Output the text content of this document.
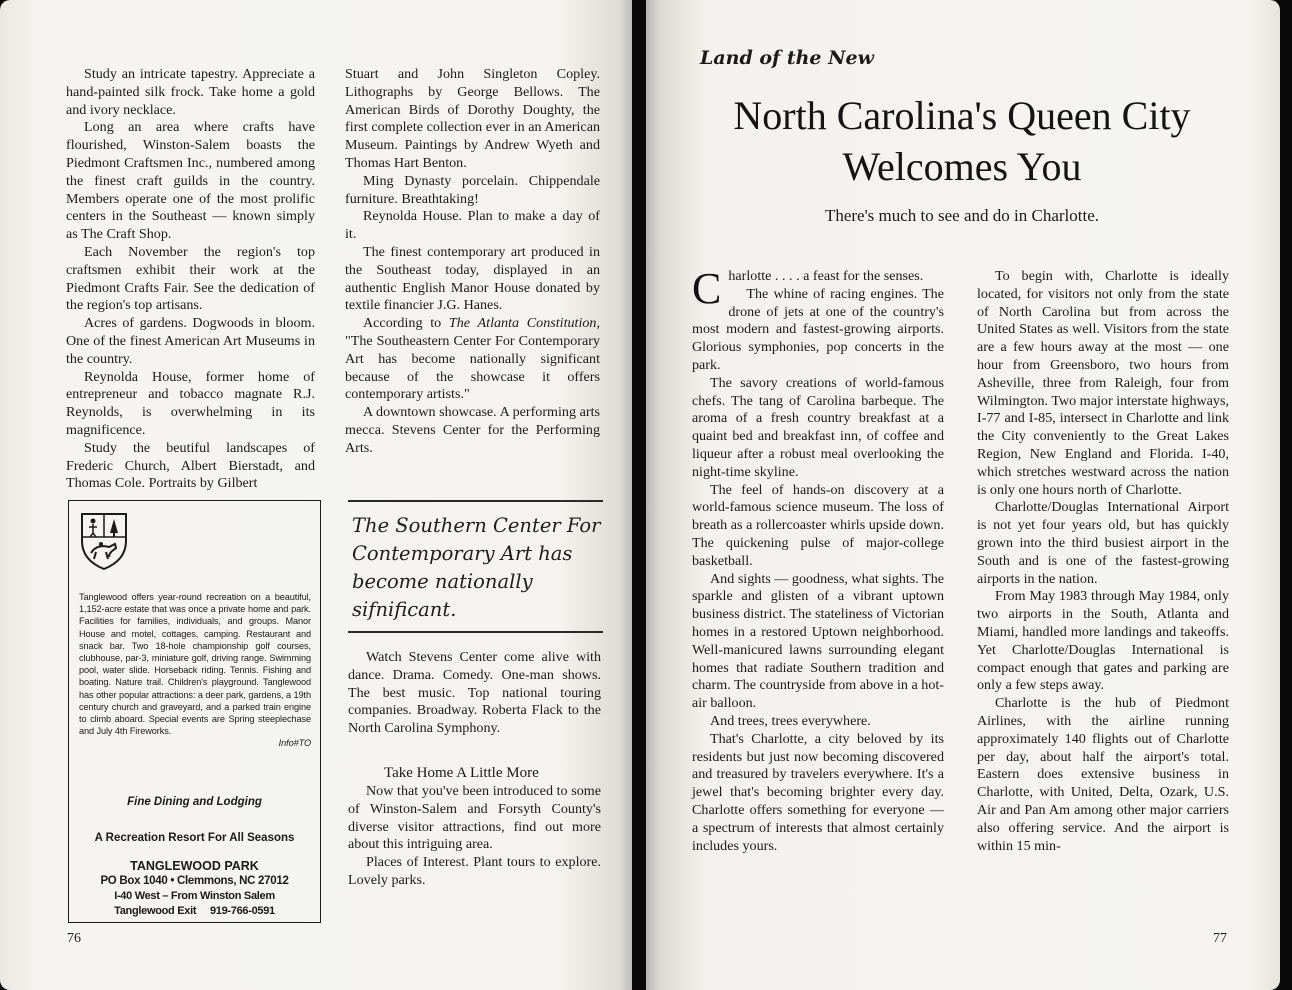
Study an intricate tapestry. Appreciate a hand-painted silk frock. Take home a gold and ivory necklace.

Long an area where crafts have flourished, Winston-Salem boasts the Piedmont Craftsmen Inc., numbered among the finest craft guilds in the country. Members operate one of the most prolific centers in the Southeast — known simply as The Craft Shop.

Each November the region's top craftsmen exhibit their work at the Piedmont Crafts Fair. See the dedication of the region's top artisans.

Acres of gardens. Dogwoods in bloom. One of the finest American Art Museums in the country.

Reynolda House, former home of entrepreneur and tobacco magnate R.J. Reynolds, is overwhelming in its magnificence.

Study the beutiful landscapes of Frederic Church, Albert Bierstadt, and Thomas Cole. Portraits by Gilbert

Stuart and John Singleton Copley. Lithographs by George Bellows. The American Birds of Dorothy Doughty, the first complete collection ever in an American Museum. Paintings by Andrew Wyeth and Thomas Hart Benton.

Ming Dynasty porcelain. Chippendale furniture. Breathtaking!

Reynolda House. Plan to make a day of it.

The finest contemporary art produced in the Southeast today, displayed in an authentic English Manor House donated by textile financier J.G. Hanes.

According to The Atlanta Constitution, "The Southeastern Center For Contemporary Art has become nationally significant because of the showcase it offers contemporary artists."

A downtown showcase. A performing arts mecca. Stevens Center for the Performing Arts.

The Southern Center For Contemporary Art has become nationally sifnificant.

Watch Stevens Center come alive with dance. Drama. Comedy. One-man shows. The best music. Top national touring companies. Broadway. Roberta Flack to the North Carolina Symphony.

Take Home A Little More

Now that you've been introduced to some of Winston-Salem and Forsyth County's diverse visitor attractions, find out more about this intriguing area.

Places of Interest. Plant tours to explore. Lovely parks.

Tanglewood offers year-round recreation on a beautiful, 1,152-acre estate that was once a private home and park. Facilities for families, individuals, and groups. Manor House and motel, cottages, camping. Restaurant and snack bar. Two 18-hole championship golf courses, clubhouse, par-3, miniature golf, driving range. Swimming pool, water slide. Horseback riding. Tennis. Fishing and boating. Nature trail. Children's playground. Tanglewood has other popular attractions: a deer park, gardens, a 19th century church and graveyard, and a parked train engine to climb aboard. Special events are Spring steeplechase and July 4th Fireworks.
Info#TO
Fine Dining and Lodging
A Recreation Resort For All Seasons
TANGLEWOOD PARK
PO Box 1040 • Clemmons, NC 27012
I-40 West – From Winston Salem
Tanglewood Exit     919-766-0591
76
Land of the New
North Carolina's Queen City
Welcomes You
There's much to see and do in Charlotte.

Charlotte . . . . a feast for the senses.

The whine of racing engines. The drone of jets at one of the country's most modern and fastest-growing airports. Glorious symphonies, pop concerts in the park.

The savory creations of world-famous chefs. The tang of Carolina barbeque. The aroma of a fresh country breakfast at a quaint bed and breakfast inn, of coffee and liqueur after a robust meal overlooking the night-time skyline.

The feel of hands-on discovery at a world-famous science museum. The loss of breath as a rollercoaster whirls upside down. The quickening pulse of major-college basketball.

And sights — goodness, what sights. The sparkle and glisten of a vibrant uptown business district. The stateliness of Victorian homes in a restored Uptown neighborhood. Well-manicured lawns surrounding elegant homes that radiate Southern tradition and charm. The countryside from above in a hot-air balloon.

And trees, trees everywhere.

That's Charlotte, a city beloved by its residents but just now becoming discovered and treasured by travelers everywhere. It's a jewel that's becoming brighter every day. Charlotte offers something for everyone — a spectrum of interests that almost certainly includes yours.

To begin with, Charlotte is ideally located, for visitors not only from the state of North Carolina but from across the United States as well. Visitors from the state are a few hours away at the most — one hour from Greensboro, two hours from Asheville, three from Raleigh, four from Wilmington. Two major interstate highways, I-77 and I-85, intersect in Charlotte and link the City conveniently to the Great Lakes Region, New England and Florida. I-40, which stretches westward across the nation is only one hours north of Charlotte.

Charlotte/Douglas International Airport is not yet four years old, but has quickly grown into the third busiest airport in the South and is one of the fastest-growing airports in the nation.

From May 1983 through May 1984, only two airports in the South, Atlanta and Miami, handled more landings and takeoffs. Yet Charlotte/Douglas International is compact enough that gates and parking are only a few steps away.

Charlotte is the hub of Piedmont Airlines, with the airline running approximately 140 flights out of Charlotte per day, about half the airport's total. Eastern does extensive business in Charlotte, with United, Delta, Ozark, U.S. Air and Pan Am among other major carriers also offering service. And the airport is within 15 min-

77
